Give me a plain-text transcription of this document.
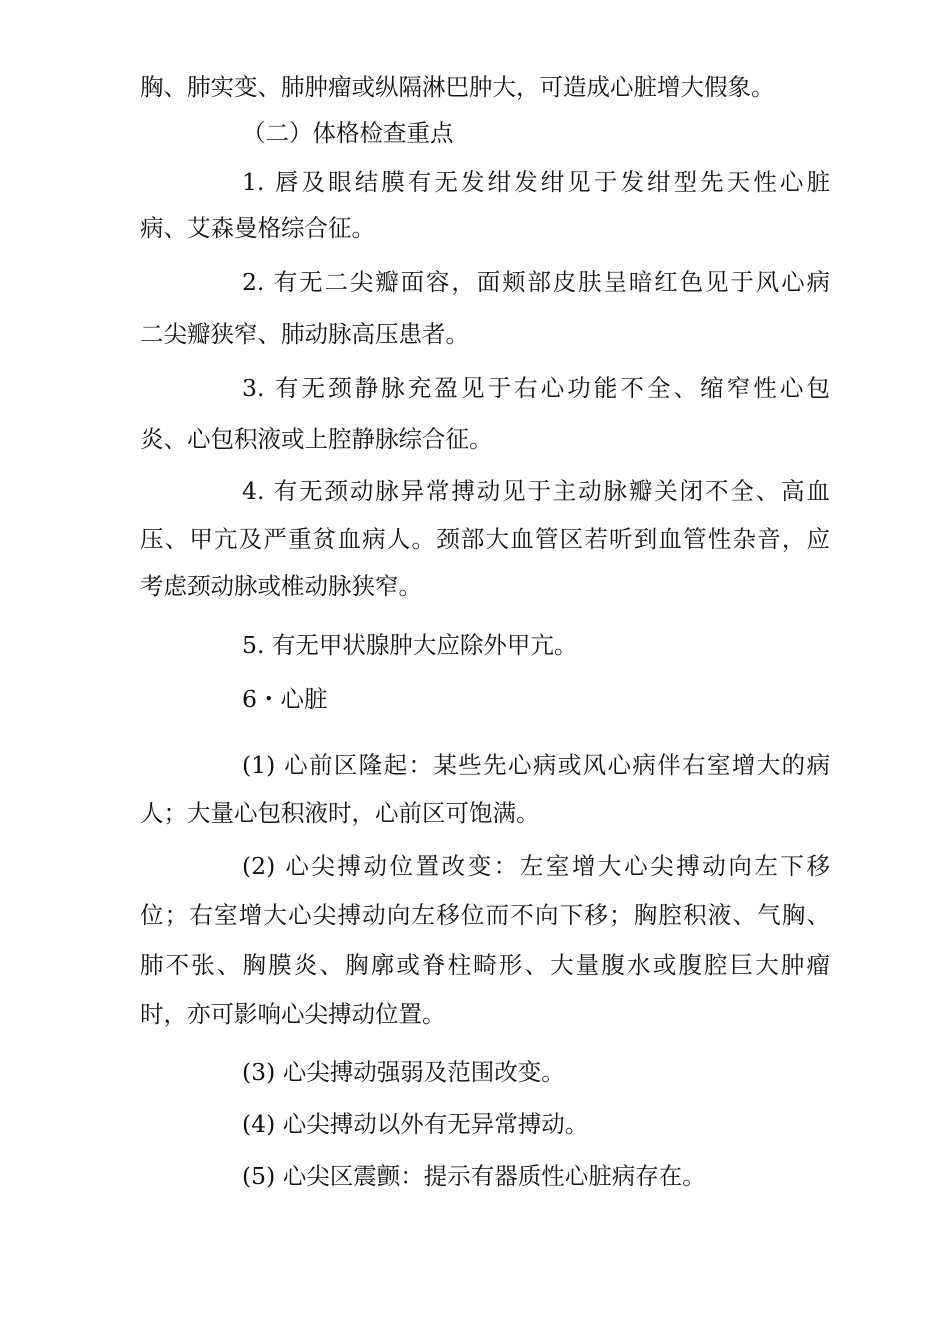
胸、肺实变、肺肿瘤或纵隔淋巴肿大，可造成心脏增大假象。
（二）体格检查重点
1. 唇及眼结膜有无发绀发绀见于发绀型先天性心脏
病、艾森曼格综合征。
2. 有无二尖瓣面容，面颊部皮肤呈暗红色见于风心病
二尖瓣狭窄、肺动脉高压患者。
3. 有无颈静脉充盈见于右心功能不全、缩窄性心包
炎、心包积液或上腔静脉综合征。
4. 有无颈动脉异常搏动见于主动脉瓣关闭不全、高血
压、甲亢及严重贫血病人。颈部大血管区若听到血管性杂音，应
考虑颈动脉或椎动脉狭窄。
5. 有无甲状腺肿大应除外甲亢。
6・心脏
(1) 心前区隆起：某些先心病或风心病伴右室增大的病
人；大量心包积液时，心前区可饱满。
(2) 心尖搏动位置改变：左室增大心尖搏动向左下移
位；右室增大心尖搏动向左移位而不向下移；胸腔积液、气胸、
肺不张、胸膜炎、胸廓或脊柱畸形、大量腹水或腹腔巨大肿瘤
时，亦可影响心尖搏动位置。
(3) 心尖搏动强弱及范围改变。
(4) 心尖搏动以外有无异常搏动。
(5) 心尖区震颤：提示有器质性心脏病存在。
